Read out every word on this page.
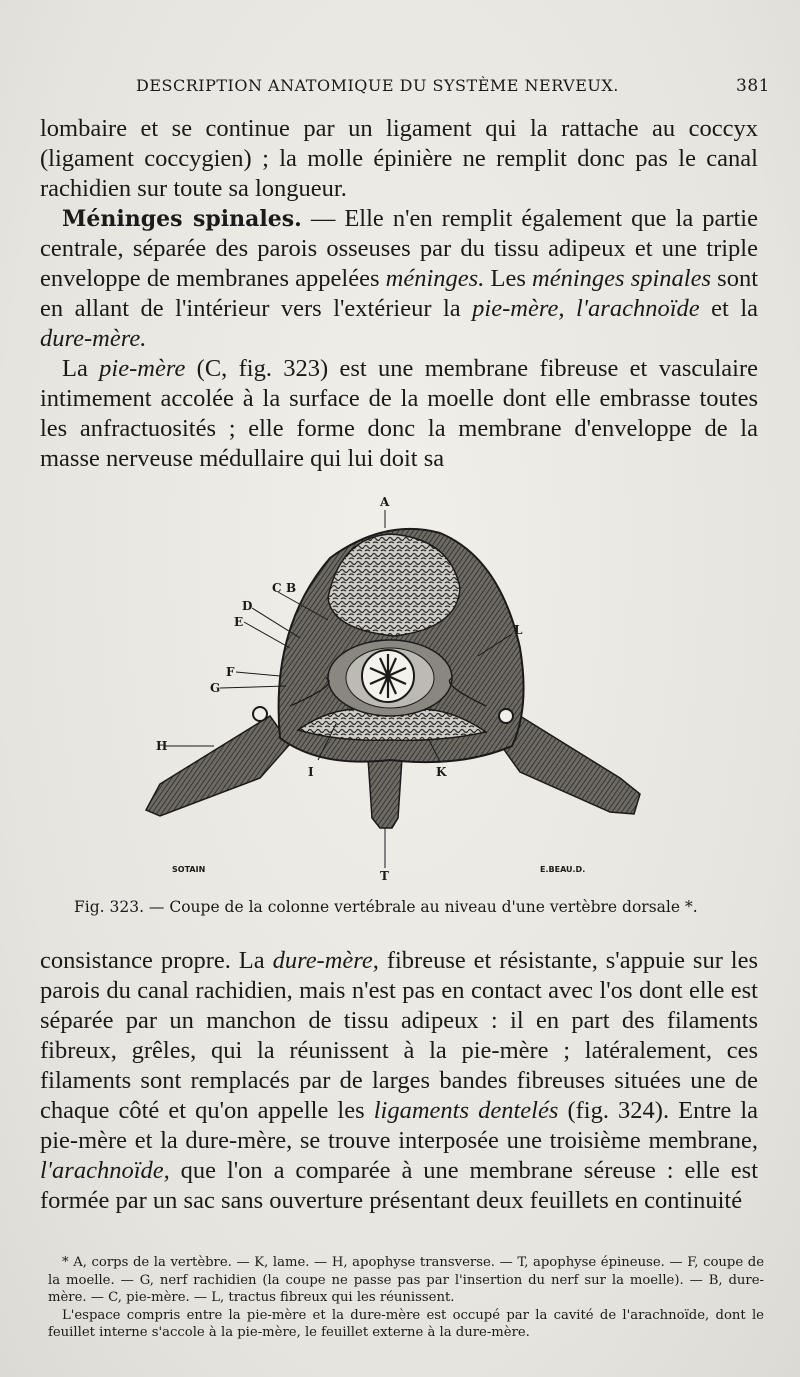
DESCRIPTION ANATOMIQUE DU SYSTÈME NERVEUX.	381

lombaire et se continue par un ligament qui la rattache au coccyx (ligament coccygien) ; la molle épinière ne remplit donc pas le canal rachidien sur toute sa longueur.

Méninges spinales. — Elle n'en remplit également que la partie centrale, séparée des parois osseuses par du tissu adipeux et une triple enveloppe de membranes appelées méninges. Les méninges spinales sont en allant de l'intérieur vers l'extérieur la pie-mère, l'arachnoïde et la dure-mère.

La pie-mère (C, fig. 323) est une membrane fibreuse et vasculaire intimement accolée à la surface de la moelle dont elle embrasse toutes les anfractuosités ; elle forme donc la membrane d'enveloppe de la masse nerveuse médullaire qui lui doit sa

A
C B
D
E
L
F
G
H
I	K
T
SOTAIN	E.BEAU.D.
Fig. 323. — Coupe de la colonne vertébrale au niveau d'une vertèbre dorsale *.

consistance propre. La dure-mère, fibreuse et résistante, s'appuie sur les parois du canal rachidien, mais n'est pas en contact avec l'os dont elle est séparée par un manchon de tissu adipeux : il en part des filaments fibreux, grêles, qui la réunissent à la pie-mère ; latéralement, ces filaments sont remplacés par de larges bandes fibreuses situées une de chaque côté et qu'on appelle les ligaments dentelés (fig. 324). Entre la pie-mère et la dure-mère, se trouve interposée une troisième membrane, l'arachnoïde, que l'on a comparée à une membrane séreuse : elle est formée par un sac sans ouverture présentant deux feuillets en continuité

* A, corps de la vertèbre. — K, lame. — H, apophyse transverse. — T, apophyse épineuse. — F, coupe de la moelle. — G, nerf rachidien (la coupe ne passe pas par l'insertion du nerf sur la moelle). — B, dure-mère. — C, pie-mère. — L, tractus fibreux qui les réunissent.

L'espace compris entre la pie-mère et la dure-mère est occupé par la cavité de l'arachnoïde, dont le feuillet interne s'accole à la pie-mère, le feuillet externe à la dure-mère.
